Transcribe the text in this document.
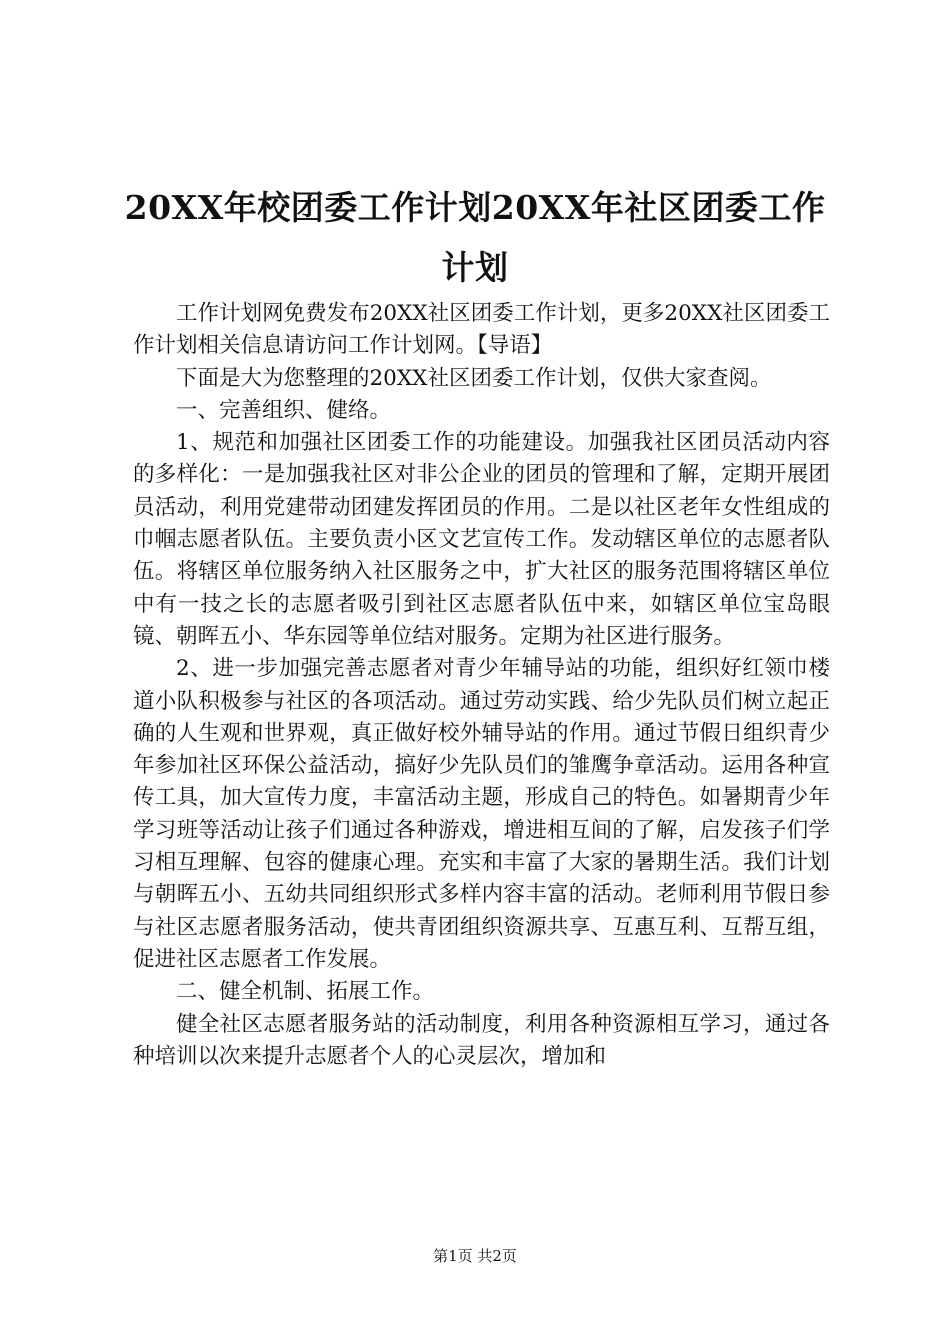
20XX年校团委工作计划20XX年社区团委工作计划

工作计划网免费发布20XX社区团委工作计划，更多20XX社区团委工作计划相关信息请访问工作计划网。【导语】

下面是大为您整理的20XX社区团委工作计划，仅供大家查阅。

一、完善组织、健络。

1、规范和加强社区团委工作的功能建设。加强我社区团员活动内容的多样化：一是加强我社区对非公企业的团员的管理和了解，定期开展团员活动，利用党建带动团建发挥团员的作用。二是以社区老年女性组成的巾帼志愿者队伍。主要负责小区文艺宣传工作。发动辖区单位的志愿者队伍。将辖区单位服务纳入社区服务之中，扩大社区的服务范围将辖区单位中有一技之长的志愿者吸引到社区志愿者队伍中来，如辖区单位宝岛眼镜、朝晖五小、华东园等单位结对服务。定期为社区进行服务。

2、进一步加强完善志愿者对青少年辅导站的功能，组织好红领巾楼道小队积极参与社区的各项活动。通过劳动实践、给少先队员们树立起正确的人生观和世界观，真正做好校外辅导站的作用。通过节假日组织青少年参加社区环保公益活动，搞好少先队员们的雏鹰争章活动。运用各种宣传工具，加大宣传力度，丰富活动主题，形成自己的特色。如暑期青少年学习班等活动让孩子们通过各种游戏，增进相互间的了解，启发孩子们学习相互理解、包容的健康心理。充实和丰富了大家的暑期生活。我们计划与朝晖五小、五幼共同组织形式多样内容丰富的活动。老师利用节假日参与社区志愿者服务活动，使共青团组织资源共享、互惠互利、互帮互组，促进社区志愿者工作发展。

二、健全机制、拓展工作。

健全社区志愿者服务站的活动制度，利用各种资源相互学习，通过各种培训以次来提升志愿者个人的心灵层次，增加和

第1页 共2页
